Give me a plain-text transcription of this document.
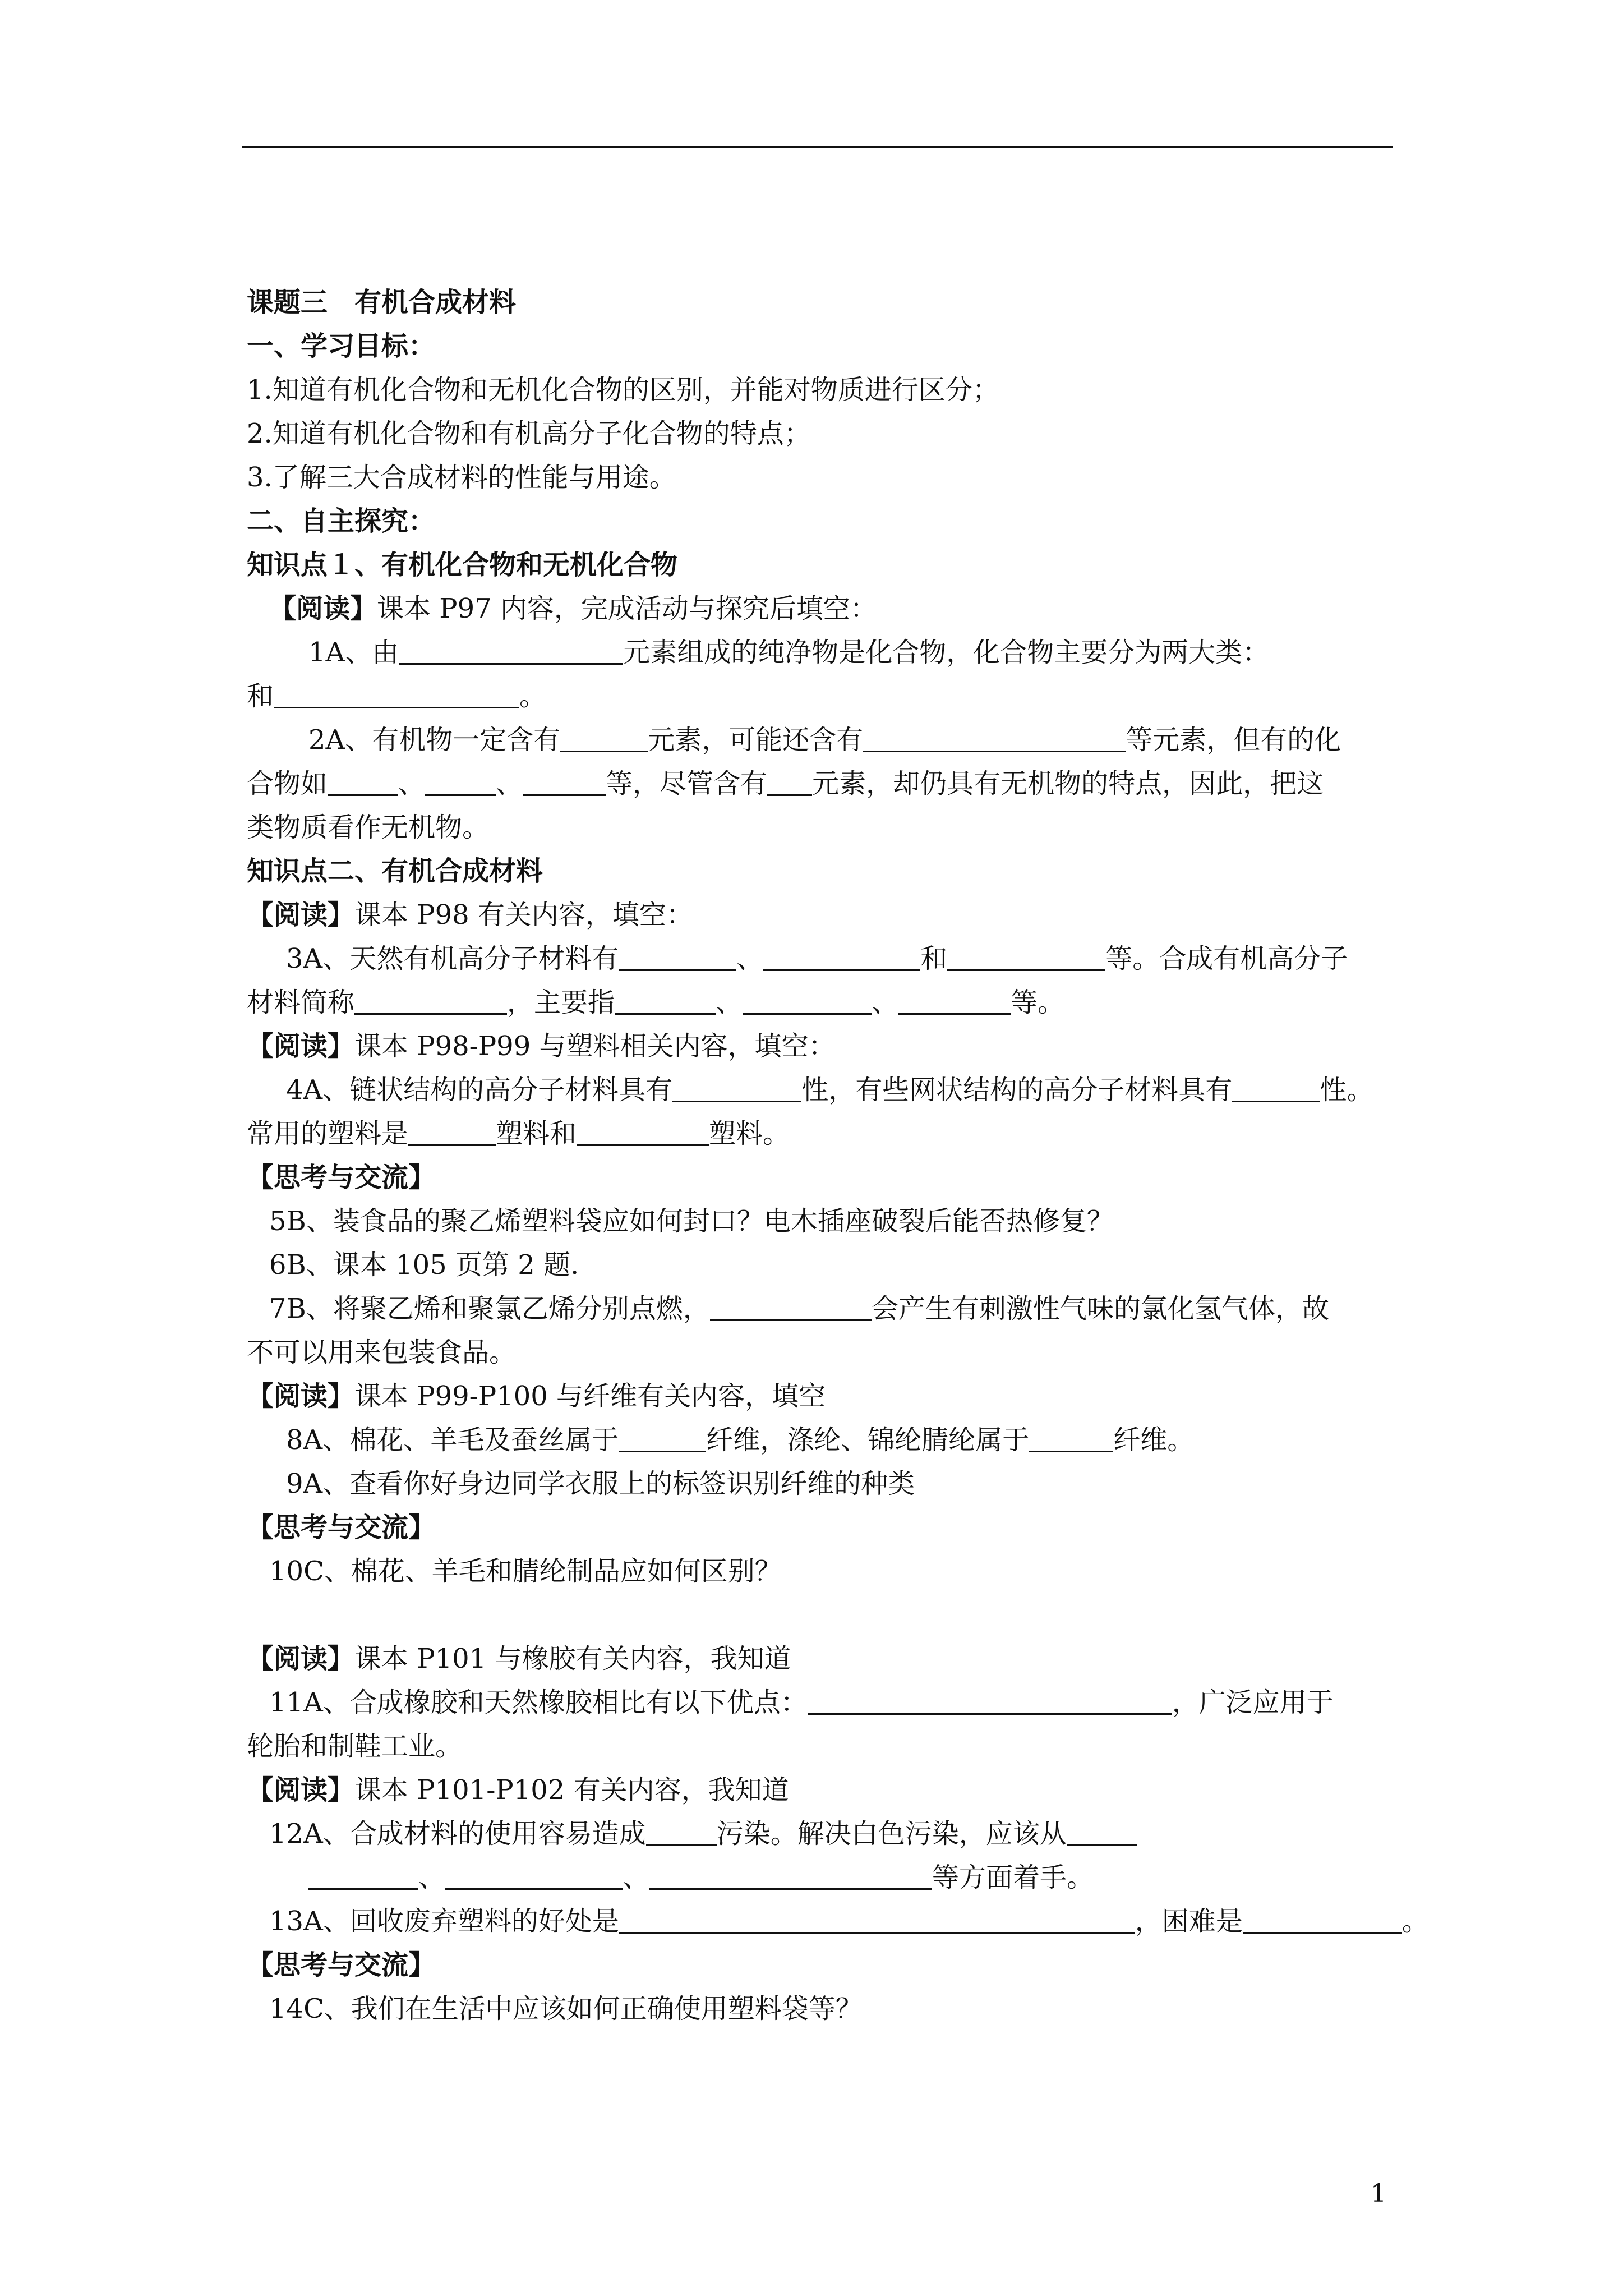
课题三　有机合成材料
一、学习目标：
1.知道有机化合物和无机化合物的区别，并能对物质进行区分；
2.知道有机化合物和有机高分子化合物的特点；
3.了解三大合成材料的性能与用途。
二、自主探究：
知识点１、有机化合物和无机化合物
【阅读】课本 P97 内容，完成活动与探究后填空：
1A、由	元素组成的纯净物是化合物，化合物主要分为两大类：
和	。
2A、有机物一定含有	元素，可能还含有	等元素，但有的化
合物如	、	、	等，尽管含有 元素，却仍具有无机物的特点，因此，把这
类物质看作无机物。
知识点二、有机合成材料
【阅读】课本 P98 有关内容，填空：
3A、天然有机高分子材料有	、	和	等。合成有机高分子
材料简称	，主要指	、	、	等。
【阅读】课本 P98-P99 与塑料相关内容，填空：
4A、链状结构的高分子材料具有	性，有些网状结构的高分子材料具有	性。
常用的塑料是	塑料和	塑料。
【思考与交流】
5B、装食品的聚乙烯塑料袋应如何封口？电木插座破裂后能否热修复？
6B、课本 105 页第 2 题.
7B、将聚乙烯和聚氯乙烯分别点燃，	会产生有刺激性气味的氯化氢气体，故
不可以用来包装食品。
【阅读】课本 P99-P100 与纤维有关内容，填空
8A、棉花、羊毛及蚕丝属于	纤维，涤纶、锦纶腈纶属于	纤维。
9A、查看你好身边同学衣服上的标签识别纤维的种类
【思考与交流】
10C、棉花、羊毛和腈纶制品应如何区别？
【阅读】课本 P101 与橡胶有关内容，我知道
11A、合成橡胶和天然橡胶相比有以下优点：	，广泛应用于
轮胎和制鞋工业。
【阅读】课本 P101-P102 有关内容，我知道
12A、合成材料的使用容易造成	污染。解决白色污染，应该从
、	、	等方面着手。
13A、回收废弃塑料的好处是	，困难是	。
【思考与交流】
14C、我们在生活中应该如何正确使用塑料袋等？
1
